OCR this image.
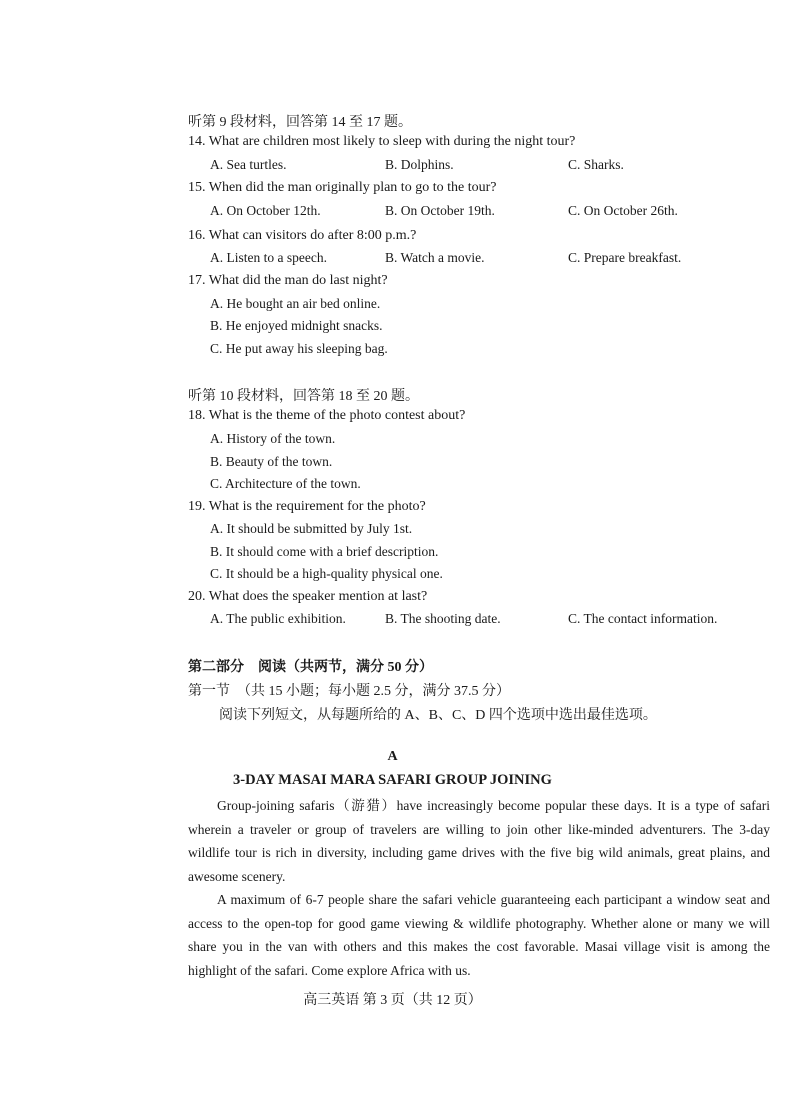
听第 9 段材料，回答第 14 至 17 题。
14. What are children most likely to sleep with during the night tour?
A. Sea turtles.	B. Dolphins.	C. Sharks.
15. When did the man originally plan to go to the tour?
A. On October 12th.	B. On October 19th.	C. On October 26th.
16. What can visitors do after 8:00 p.m.?
A. Listen to a speech.	B. Watch a movie.	C. Prepare breakfast.
17. What did the man do last night?
A. He bought an air bed online.
B. He enjoyed midnight snacks.
C. He put away his sleeping bag.
听第 10 段材料，回答第 18 至 20 题。
18. What is the theme of the photo contest about?
A. History of the town.
B. Beauty of the town.
C. Architecture of the town.
19. What is the requirement for the photo?
A. It should be submitted by July 1st.
B. It should come with a brief description.
C. It should be a high-quality physical one.
20. What does the speaker mention at last?
A. The public exhibition.	B. The shooting date.	C. The contact information.
第二部分　阅读（共两节，满分 50 分）
第一节　（共 15 小题；每小题 2.5 分，满分 37.5 分）
阅读下列短文，从每题所给的 A、B、C、D 四个选项中选出最佳选项。
A
3-DAY MASAI MARA SAFARI GROUP JOINING

Group-joining safaris（游猎）have increasingly become popular these days. It is a type of safari wherein a traveler or group of travelers are willing to join other like-minded adventurers. The 3-day wildlife tour is rich in diversity, including game drives with the five big wild animals, great plains, and awesome scenery.

A maximum of 6-7 people share the safari vehicle guaranteeing each participant a window seat and access to the open-top for good game viewing & wildlife photography. Whether alone or many we will share you in the van with others and this makes the cost favorable. Masai village visit is among the highlight of the safari. Come explore Africa with us.

高三英语 第 3 页（共 12 页）
